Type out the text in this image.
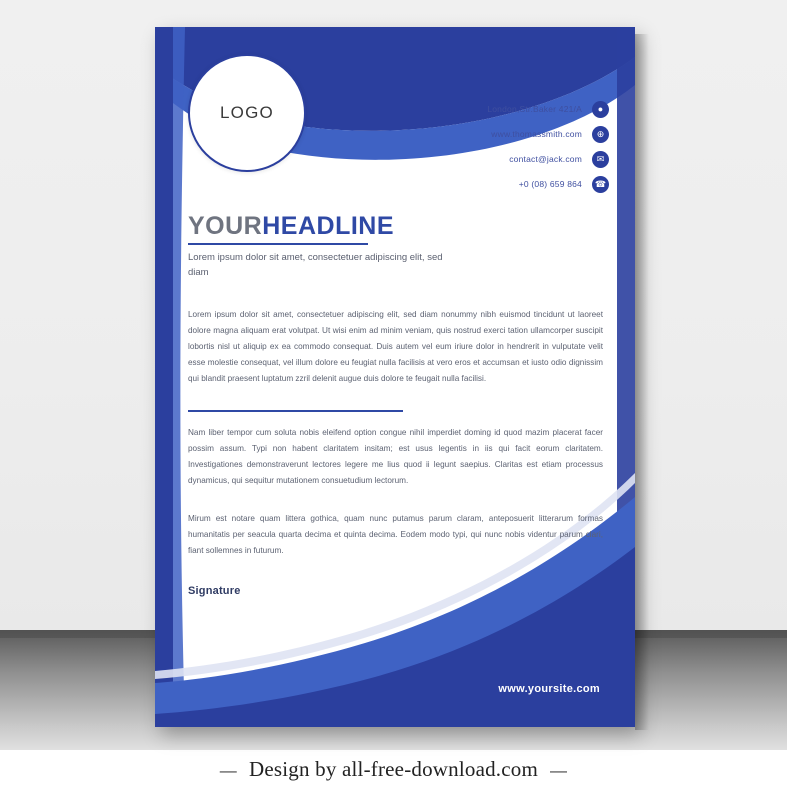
LOGO	London,Str.Baker 421/A	●
www.thomassmith.com	⊕
contact@jack.com	✉
+0 (08) 659 864	☎
YOURHEADLINE
Lorem ipsum dolor sit amet, consectetuer adipiscing elit, sed diam
Lorem ipsum dolor sit amet, consectetuer adipiscing elit, sed diam nonummy nibh euismod tincidunt ut laoreet dolore magna aliquam erat volutpat. Ut wisi enim ad minim veniam, quis nostrud exerci tation ullamcorper suscipit lobortis nisl ut aliquip ex ea commodo consequat. Duis autem vel eum iriure dolor in hendrerit in vulputate velit esse molestie consequat, vel illum dolore eu feugiat nulla facilisis at vero eros et accumsan et iusto odio dignissim qui blandit praesent luptatum zzril delenit augue duis dolore te feugait nulla facilisi.
Nam liber tempor cum soluta nobis eleifend option congue nihil imperdiet doming id quod mazim placerat facer possim assum. Typi non habent claritatem insitam; est usus legentis in iis qui facit eorum claritatem. Investigationes demonstraverunt lectores legere me lius quod ii legunt saepius. Claritas est etiam processus dynamicus, qui sequitur mutationem consuetudium lectorum.
Mirum est notare quam littera gothica, quam nunc putamus parum claram, anteposuerit litterarum formas humanitatis per seacula quarta decima et quinta decima. Eodem modo typi, qui nunc nobis videntur parum clari, fiant sollemnes in futurum.
Signature
www.yoursite.com
— Design by all-free-download.com —
